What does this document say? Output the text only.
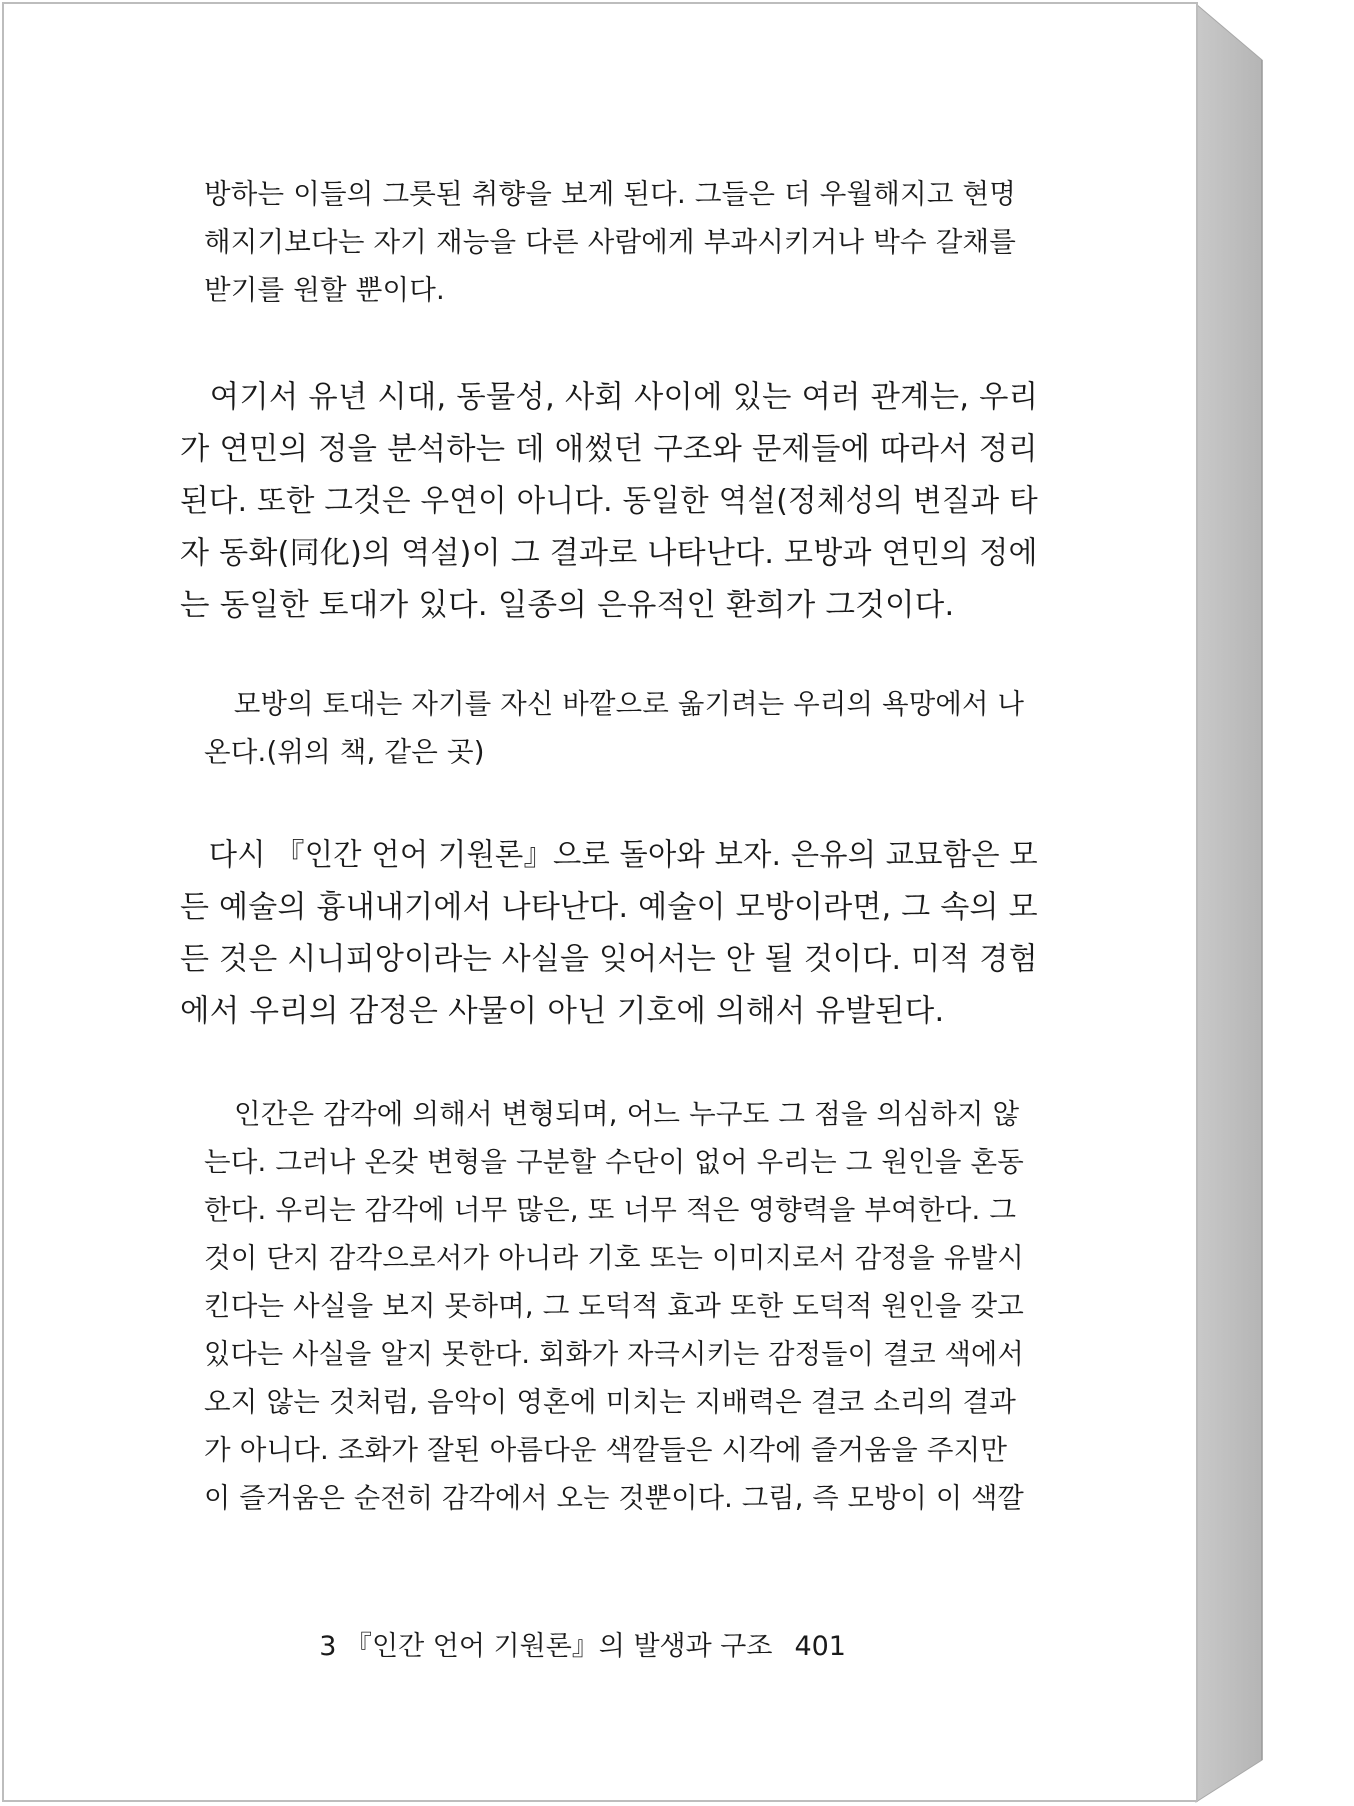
방하는 이들의 그릇된 취향을 보게 된다. 그들은 더 우월해지고 현명
해지기보다는 자기 재능을 다른 사람에게 부과시키거나 박수 갈채를
받기를 원할 뿐이다.
여기서 유년 시대, 동물성, 사회 사이에 있는 여러 관계는, 우리
가 연민의 정을 분석하는 데 애썼던 구조와 문제들에 따라서 정리
된다. 또한 그것은 우연이 아니다. 동일한 역설(정체성의 변질과 타
자 동화(同化)의 역설)이 그 결과로 나타난다. 모방과 연민의 정에
는 동일한 토대가 있다. 일종의 은유적인 환희가 그것이다.
모방의 토대는 자기를 자신 바깥으로 옮기려는 우리의 욕망에서 나
온다.(위의 책, 같은 곳)
다시 『인간 언어 기원론』으로 돌아와 보자. 은유의 교묘함은 모
든 예술의 흉내내기에서 나타난다. 예술이 모방이라면, 그 속의 모
든 것은 시니피앙이라는 사실을 잊어서는 안 될 것이다. 미적 경험
에서 우리의 감정은 사물이 아닌 기호에 의해서 유발된다.
인간은 감각에 의해서 변형되며, 어느 누구도 그 점을 의심하지 않
는다. 그러나 온갖 변형을 구분할 수단이 없어 우리는 그 원인을 혼동
한다. 우리는 감각에 너무 많은, 또 너무 적은 영향력을 부여한다. 그
것이 단지 감각으로서가 아니라 기호 또는 이미지로서 감정을 유발시
킨다는 사실을 보지 못하며, 그 도덕적 효과 또한 도덕적 원인을 갖고
있다는 사실을 알지 못한다. 회화가 자극시키는 감정들이 결코 색에서
오지 않는 것처럼, 음악이 영혼에 미치는 지배력은 결코 소리의 결과
가 아니다. 조화가 잘된 아름다운 색깔들은 시각에 즐거움을 주지만
이 즐거움은 순전히 감각에서 오는 것뿐이다. 그림, 즉 모방이 이 색깔
3 『인간 언어 기원론』의 발생과 구조 401
